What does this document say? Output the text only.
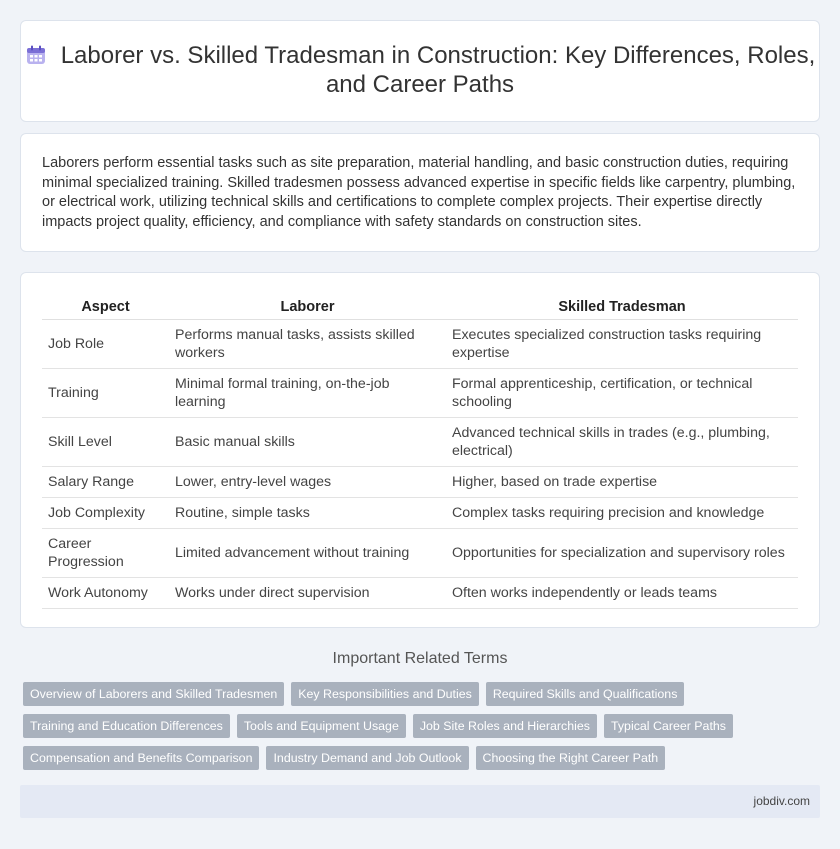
Laborer vs. Skilled Tradesman in Construction: Key Differences, Roles, and Career Paths

Laborers perform essential tasks such as site preparation, material handling, and basic construction duties, requiring minimal specialized training. Skilled tradesmen possess advanced expertise in specific fields like carpentry, plumbing, or electrical work, utilizing technical skills and certifications to complete complex projects. Their expertise directly impacts project quality, efficiency, and compliance with safety standards on construction sites.

Aspect	Laborer	Skilled Tradesman
Job Role	Performs manual tasks, assists skilled workers	Executes specialized construction tasks requiring expertise
Training	Minimal formal training, on-the-job learning	Formal apprenticeship, certification, or technical schooling
Skill Level	Basic manual skills	Advanced technical skills in trades (e.g., plumbing, electrical)
Salary Range	Lower, entry-level wages	Higher, based on trade expertise
Job Complexity	Routine, simple tasks	Complex tasks requiring precision and knowledge
Career Progression	Limited advancement without training	Opportunities for specialization and supervisory roles
Work Autonomy	Works under direct supervision	Often works independently or leads teams
Important Related Terms
Overview of Laborers and Skilled Tradesmen	Key Responsibilities and Duties	Required Skills and Qualifications
Training and Education Differences	Tools and Equipment Usage	Job Site Roles and Hierarchies	Typical Career Paths
Compensation and Benefits Comparison	Industry Demand and Job Outlook	Choosing the Right Career Path
jobdiv.com
